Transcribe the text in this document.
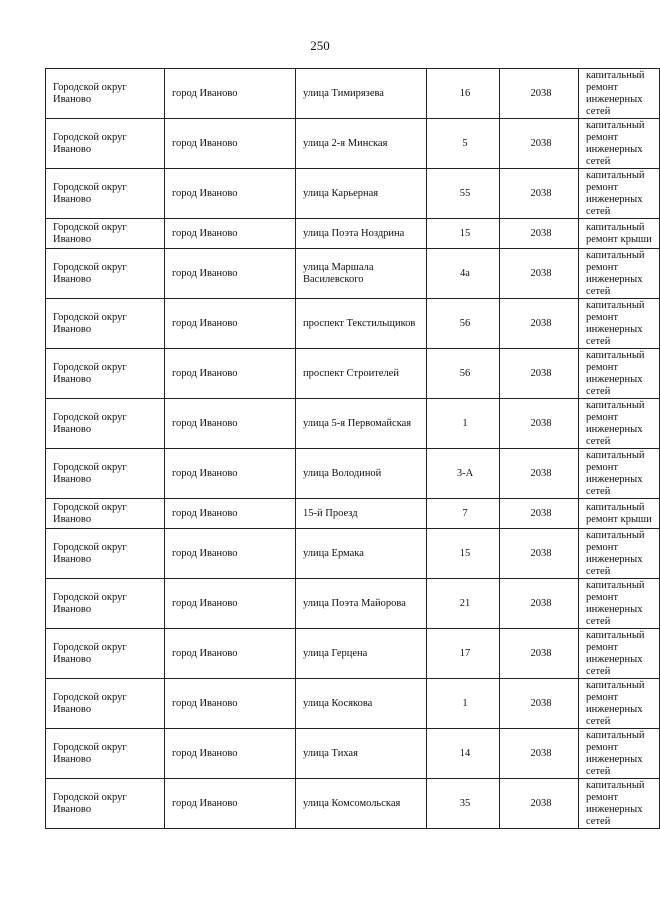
250
Городской округ Иваново	город Иваново	улица Тимирязева	16	2038	капитальный ремонт инженерных сетей
Городской округ Иваново	город Иваново	улица 2-я Минская	5	2038	капитальный ремонт инженерных сетей
Городской округ Иваново	город Иваново	улица Карьерная	55	2038	капитальный ремонт инженерных сетей
Городской округ Иваново	город Иваново	улица Поэта Ноздрина	15	2038	капитальный ремонт крыши
Городской округ Иваново	город Иваново	улица Маршала Василевского	4а	2038	капитальный ремонт инженерных сетей
Городской округ Иваново	город Иваново	проспект Текстильщиков	56	2038	капитальный ремонт инженерных сетей
Городской округ Иваново	город Иваново	проспект Строителей	56	2038	капитальный ремонт инженерных сетей
Городской округ Иваново	город Иваново	улица 5-я Первомайская	1	2038	капитальный ремонт инженерных сетей
Городской округ Иваново	город Иваново	улица Володиной	3-А	2038	капитальный ремонт инженерных сетей
Городской округ Иваново	город Иваново	15-й Проезд	7	2038	капитальный ремонт крыши
Городской округ Иваново	город Иваново	улица Ермака	15	2038	капитальный ремонт инженерных сетей
Городской округ Иваново	город Иваново	улица Поэта Майорова	21	2038	капитальный ремонт инженерных сетей
Городской округ Иваново	город Иваново	улица Герцена	17	2038	капитальный ремонт инженерных сетей
Городской округ Иваново	город Иваново	улица Косякова	1	2038	капитальный ремонт инженерных сетей
Городской округ Иваново	город Иваново	улица Тихая	14	2038	капитальный ремонт инженерных сетей
Городской округ Иваново	город Иваново	улица Комсомольская	35	2038	капитальный ремонт инженерных сетей
